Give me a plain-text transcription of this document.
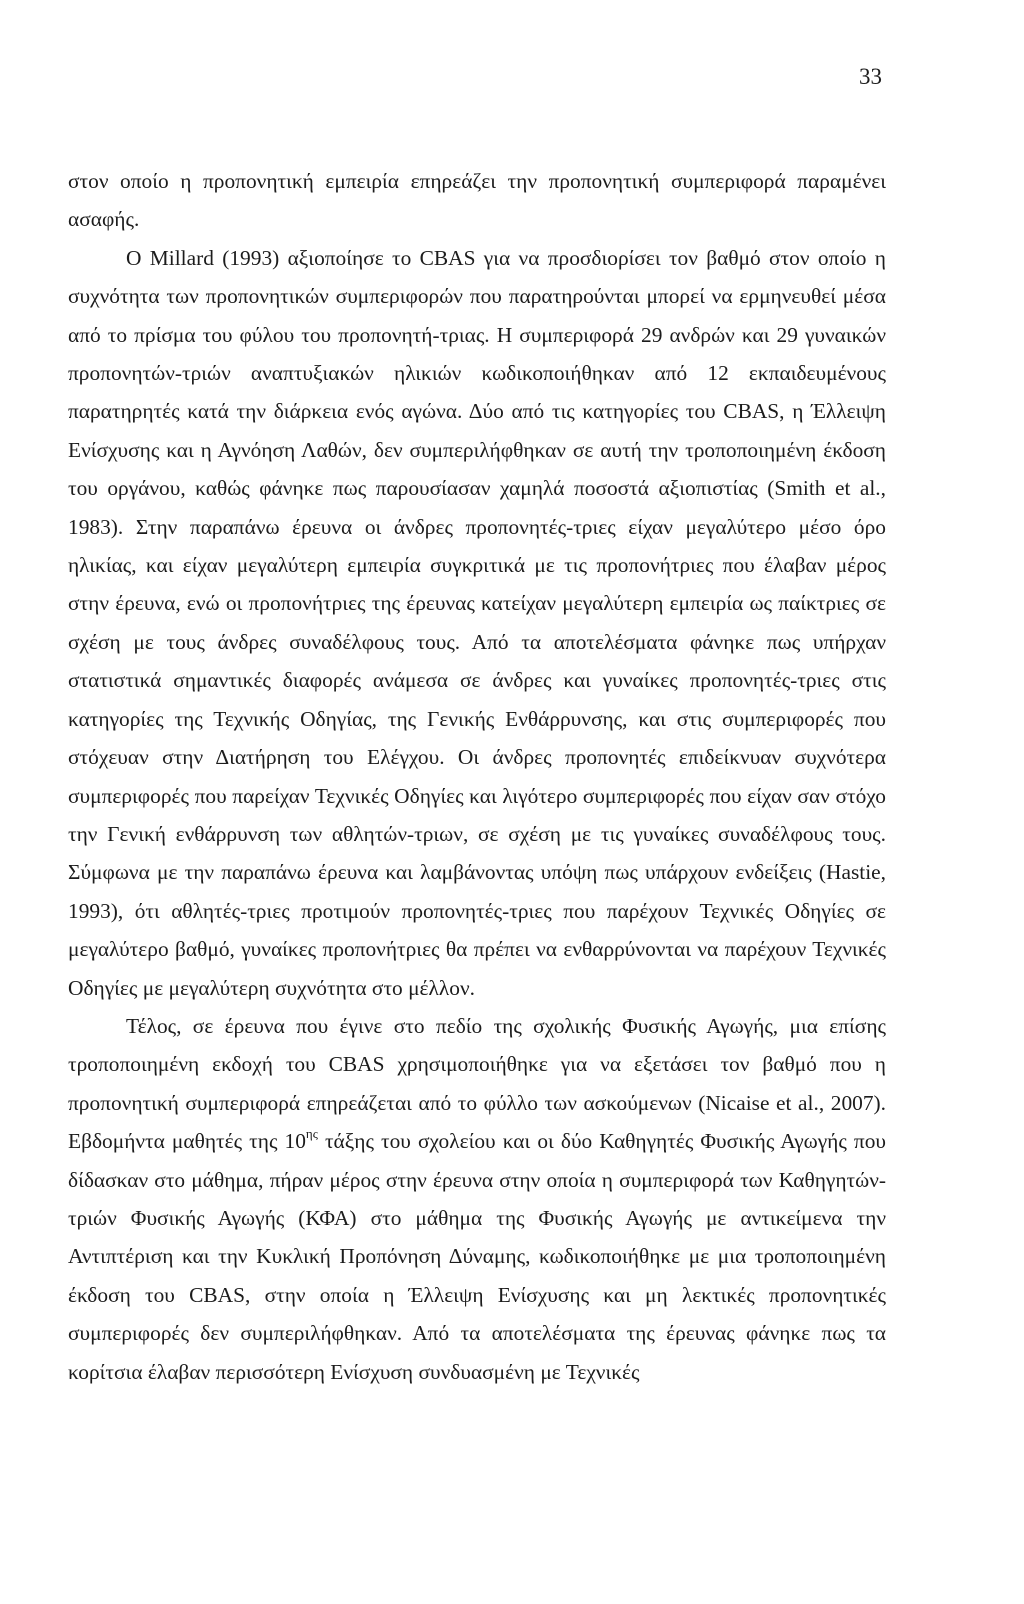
33

στον οποίο η προπονητική εμπειρία επηρεάζει την προπονητική συμπεριφορά παραμένει ασαφής.

Ο Millard (1993) αξιοποίησε το CBAS για να προσδιορίσει τον βαθμό στον οποίο η συχνότητα των προπονητικών συμπεριφορών που παρατηρούνται μπορεί να ερμηνευθεί μέσα από το πρίσμα του φύλου του προπονητή-τριας. Η συμπεριφορά 29 ανδρών και 29 γυναικών προπονητών-τριών αναπτυξιακών ηλικιών κωδικοποιήθηκαν από 12 εκπαιδευμένους παρατηρητές κατά την διάρκεια ενός αγώνα. Δύο από τις κατηγορίες του CBAS, η Έλλειψη Ενίσχυσης και η Αγνόηση Λαθών, δεν συμπεριλήφθηκαν σε αυτή την τροποποιημένη έκδοση του οργάνου, καθώς φάνηκε πως παρουσίασαν χαμηλά ποσοστά αξιοπιστίας (Smith et al., 1983). Στην παραπάνω έρευνα οι άνδρες προπονητές-τριες είχαν μεγαλύτερο μέσο όρο ηλικίας, και είχαν μεγαλύτερη εμπειρία συγκριτικά με τις προπονήτριες που έλαβαν μέρος στην έρευνα, ενώ οι προπονήτριες της έρευνας κατείχαν μεγαλύτερη εμπειρία ως παίκτριες σε σχέση με τους άνδρες συναδέλφους τους. Από τα αποτελέσματα φάνηκε πως υπήρχαν στατιστικά σημαντικές διαφορές ανάμεσα σε άνδρες και γυναίκες προπονητές-τριες στις κατηγορίες της Τεχνικής Οδηγίας, της Γενικής Ενθάρρυνσης, και στις συμπεριφορές που στόχευαν στην Διατήρηση του Ελέγχου. Οι άνδρες προπονητές επιδείκνυαν συχνότερα συμπεριφορές που παρείχαν Τεχνικές Οδηγίες και λιγότερο συμπεριφορές που είχαν σαν στόχο την Γενική ενθάρρυνση των αθλητών-τριων, σε σχέση με τις γυναίκες συναδέλφους τους. Σύμφωνα με την παραπάνω έρευνα και λαμβάνοντας υπόψη πως υπάρχουν ενδείξεις (Hastie, 1993), ότι αθλητές-τριες προτιμούν προπονητές-τριες που παρέχουν Τεχνικές Οδηγίες σε μεγαλύτερο βαθμό, γυναίκες προπονήτριες θα πρέπει να ενθαρρύνονται να παρέχουν Τεχνικές Οδηγίες με μεγαλύτερη συχνότητα στο μέλλον.

Τέλος, σε έρευνα που έγινε στο πεδίο της σχολικής Φυσικής Αγωγής, μια επίσης τροποποιημένη εκδοχή του CBAS χρησιμοποιήθηκε για να εξετάσει τον βαθμό που η προπονητική συμπεριφορά επηρεάζεται από το φύλλο των ασκούμενων (Nicaise et al., 2007). Εβδομήντα μαθητές της $10^{\eta\varsigma}$ τάξης του σχολείου και οι δύο Καθηγητές Φυσικής Αγωγής που δίδασκαν στο μάθημα, πήραν μέρος στην έρευνα στην οποία η συμπεριφορά των Καθηγητών-τριών Φυσικής Αγωγής (ΚΦΑ) στο μάθημα της Φυσικής Αγωγής με αντικείμενα την Αντιπτέριση και την Κυκλική Προπόνηση Δύναμης, κωδικοποιήθηκε με μια τροποποιημένη έκδοση του CBAS, στην οποία η Έλλειψη Ενίσχυσης και μη λεκτικές προπονητικές συμπεριφορές δεν συμπεριλήφθηκαν. Από τα αποτελέσματα της έρευνας φάνηκε πως τα κορίτσια έλαβαν περισσότερη Ενίσχυση συνδυασμένη με Τεχνικές
